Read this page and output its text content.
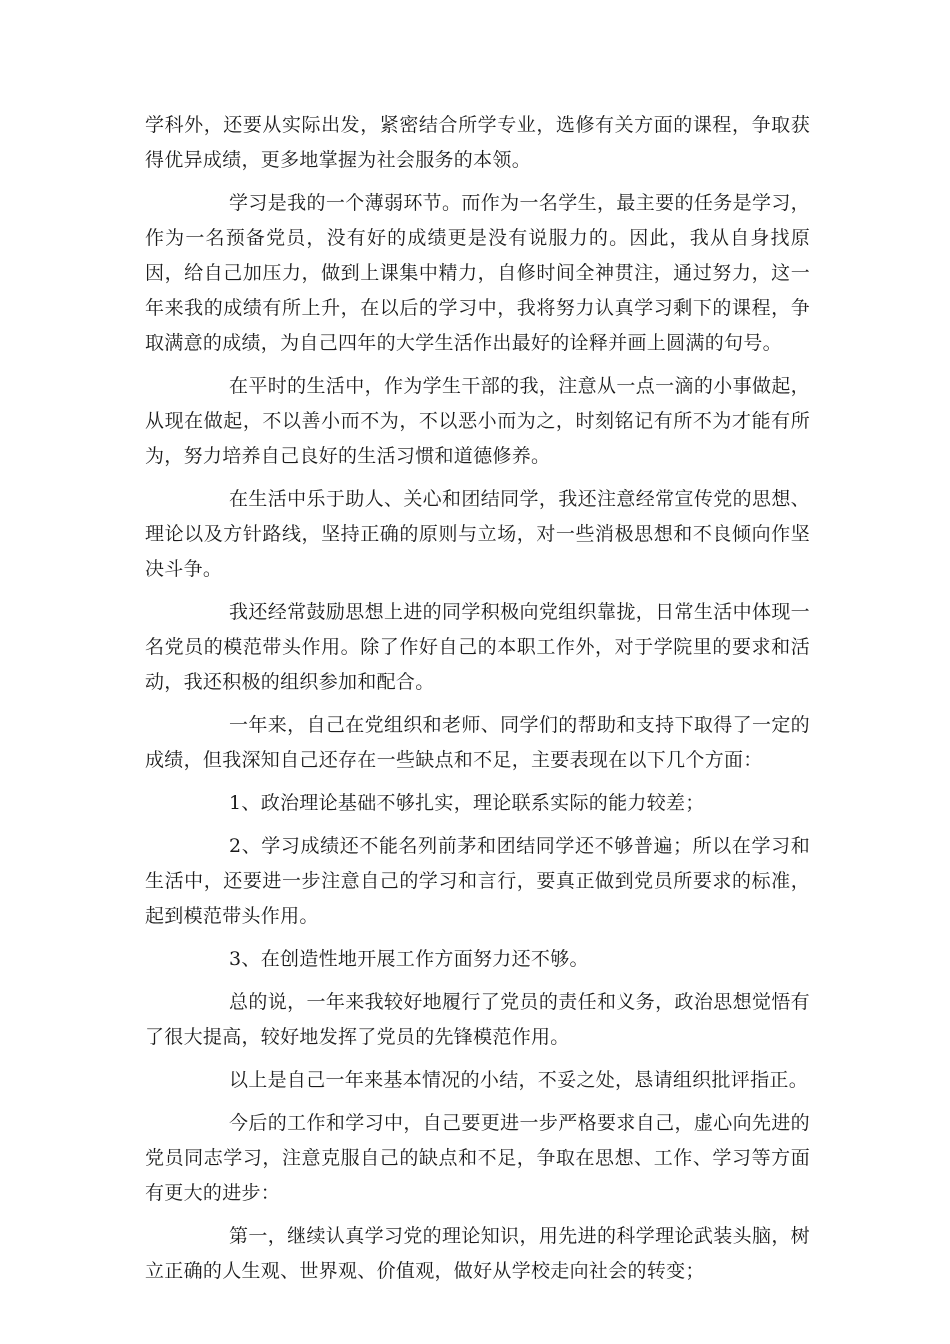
学科外，还要从实际出发，紧密结合所学专业，选修有关方面的课程，争取获得优异成绩，更多地掌握为社会服务的本领。

学习是我的一个薄弱环节。而作为一名学生，最主要的任务是学习，作为一名预备党员，没有好的成绩更是没有说服力的。因此，我从自身找原因，给自己加压力，做到上课集中精力，自修时间全神贯注，通过努力，这一年来我的成绩有所上升，在以后的学习中，我将努力认真学习剩下的课程，争取满意的成绩，为自己四年的大学生活作出最好的诠释并画上圆满的句号。

在平时的生活中，作为学生干部的我，注意从一点一滴的小事做起，从现在做起，不以善小而不为，不以恶小而为之，时刻铭记有所不为才能有所为，努力培养自己良好的生活习惯和道德修养。

在生活中乐于助人、关心和团结同学，我还注意经常宣传党的思想、理论以及方针路线，坚持正确的原则与立场，对一些消极思想和不良倾向作坚决斗争。

我还经常鼓励思想上进的同学积极向党组织靠拢，日常生活中体现一名党员的模范带头作用。除了作好自己的本职工作外，对于学院里的要求和活动，我还积极的组织参加和配合。

一年来，自己在党组织和老师、同学们的帮助和支持下取得了一定的成绩，但我深知自己还存在一些缺点和不足，主要表现在以下几个方面：

1、政治理论基础不够扎实，理论联系实际的能力较差；

2、学习成绩还不能名列前茅和团结同学还不够普遍；所以在学习和生活中，还要进一步注意自己的学习和言行，要真正做到党员所要求的标准，起到模范带头作用。

3、在创造性地开展工作方面努力还不够。

总的说，一年来我较好地履行了党员的责任和义务，政治思想觉悟有了很大提高，较好地发挥了党员的先锋模范作用。

以上是自己一年来基本情况的小结，不妥之处，恳请组织批评指正。

今后的工作和学习中，自己要更进一步严格要求自己，虚心向先进的党员同志学习，注意克服自己的缺点和不足，争取在思想、工作、学习等方面有更大的进步：

第一，继续认真学习党的理论知识，用先进的科学理论武装头脑，树立正确的人生观、世界观、价值观，做好从学校走向社会的转变；
